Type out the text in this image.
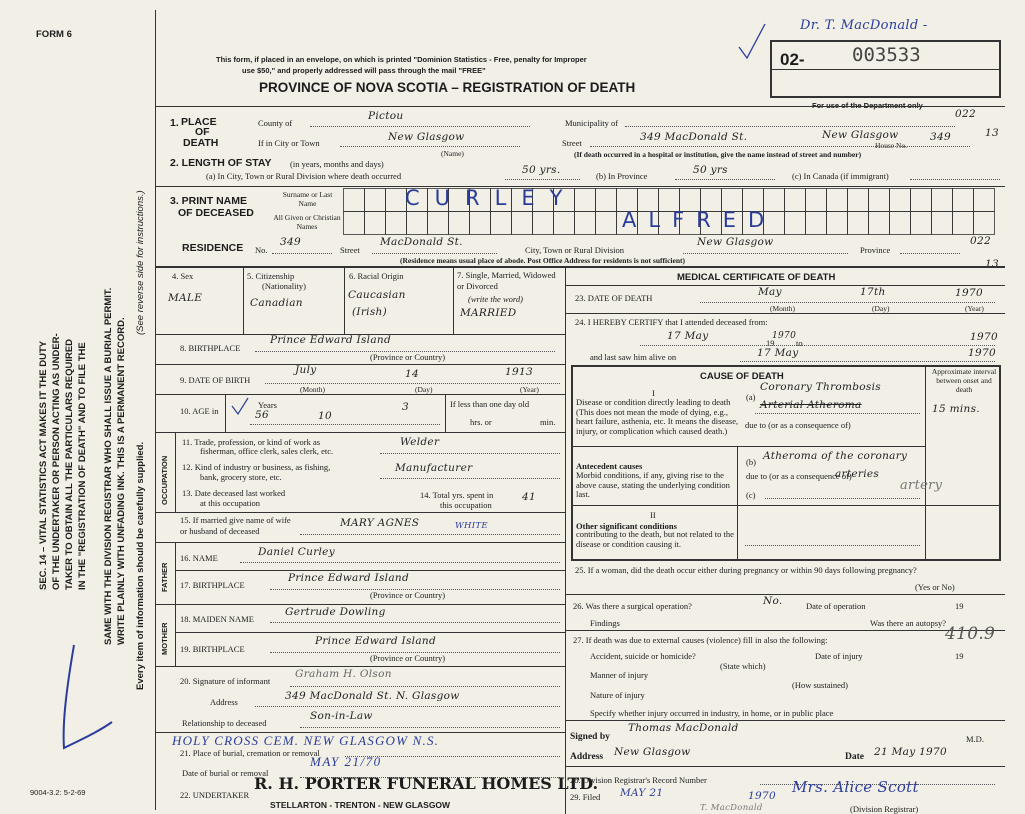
FORM 6
SEC. 14 – VITAL STATISTICS ACT MAKES IT THE DUTY OF THE UNDERTAKER OR PERSON ACTING AS UNDER- TAKER TO OBTAIN ALL THE PARTICULARS REQUIRED IN THE "REGISTRATION OF DEATH" AND TO FILE THE SAME WITH THE DIVISION REGISTRAR WHO SHALL ISSUE A BURIAL PERMIT. WRITE PLAINLY WITH UNFADING INK. THIS IS A PERMANENT RECORD. Every item of information should be carefully supplied.
(See reverse side for instructions.)
9004-3.2: 5-2-69
This form, if placed in an envelope, on which is printed "Dominion Statistics - Free, penalty for Improper
use $50," and properly addressed will pass through the mail "FREE"
PROVINCE OF NOVA SCOTIA – REGISTRATION OF DEATH
Dr. T. MacDonald -
02- 003533
For use of the Department only
022
1. PLACE
OF
DEATH
County of
Pictou
Municipality of
If in City or Town	New Glasgow
(Name)
Street	349 MacDonald St.	New Glasgow
House No.
349	13
(If death occurred in a hospital or institution, give the name instead of street and number)
2. LENGTH OF STAY (in years, months and days)
(a) In City, Town or Rural Division where death occurred	50 yrs.	(b) In Province	50 yrs	(c) In Canada (if immigrant)
3. PRINT NAME
OF DECEASED
Surname or Last Name
All Given or Christian Names
CURLEY
ALFRED
RESIDENCE No.
349
Street
MacDonald St.
City, Town or Rural Division
New Glasgow
Province
022
(Residence means usual place of abode. Post Office Address for residents is not sufficient)	13
4. Sex
MALE
5. Citizenship
(Nationality)
Canadian
6. Racial Origin
Caucasian
(Irish)
7. Single, Married, Widowed or Divorced
(write the word)
MARRIED
8. BIRTHPLACE
Prince Edward Island
(Province or Country)
9. DATE OF BIRTH
July	14	1913
(Month)	(Day)	(Year)
10. AGE in
Years
56	10
3	If less than one day old
hrs. or	min.
OCCUPATION
11. Trade, profession, or kind of work as
fisherman, office clerk, sales clerk, etc.
Welder
12. Kind of industry or business, as fishing,
bank, grocery store, etc.
Manufacturer
13. Date deceased last worked
at this occupation
14. Total yrs. spent in
this occupation
41
15. If married give name of wife
or husband of deceased
MARY AGNES	WHITE
FATHER
16. NAME	Daniel Curley
17. BIRTHPLACE
Prince Edward Island
(Province or Country)
MOTHER
18. MAIDEN NAME
Gertrude Dowling
19. BIRTHPLACE
Prince Edward Island
(Province or Country)
20. Signature of informant
Graham H. Olson
Address	349 MacDonald St. N. Glasgow
Relationship to deceased
Son-in-Law
HOLY CROSS CEM. NEW GLASGOW N.S.
21. Place of burial, cremation or removal
MAY 21/70
Date of burial or removal
22. UNDERTAKER
R. H. PORTER FUNERAL HOMES LTD.
STELLARTON - TRENTON - NEW GLASGOW
MEDICAL CERTIFICATE OF DEATH
23. DATE OF DEATH	May	17th	1970
(Month)	(Day)	(Year)
24. I HEREBY CERTIFY that I attended deceased from:
17 May
19
1970
to	1970
and last saw him alive on	17 May	1970
CAUSE OF DEATH	Approximate interval between onset and death
I
Disease or condition directly leading to death (This does not mean the mode of dying, e.g., heart failure, asthenia, etc. It means the disease, injury, or complication which caused death.)
(a)
Coronary Thrombosis
Arterial Atheroma	15 mins.
due to (or as a consequence of)
Antecedent causes
Morbid conditions, if any, giving rise to the above cause, stating the underlying condition last.
(b) Atheroma of the coronary
due to (or as a consequence of)
arteries
artery
(c)
II
Other significant conditions
contributing to the death, but not related to the disease or condition causing it.
25. If a woman, did the death occur either during pregnancy or within 90 days following pregnancy?
(Yes or No)
26. Was there a surgical operation?	No.	Date of operation	19
Findings	Was there an autopsy?
27. If death was due to external causes (violence) fill in also the following:	410.9
Accident, suicide or homicide?	Date of injury	19
(State which)
Manner of injury
(How sustained)
Nature of injury
Specify whether injury occurred in industry, in home, or in public place
Signed by
Thomas MacDonald
M.D.
Address New Glasgow	Date 21 May 1970
28. Division Registrar's Record Number
29. Filed MAY 21	1970 Mrs. Alice Scott
(Division Registrar)
T. MacDonald
